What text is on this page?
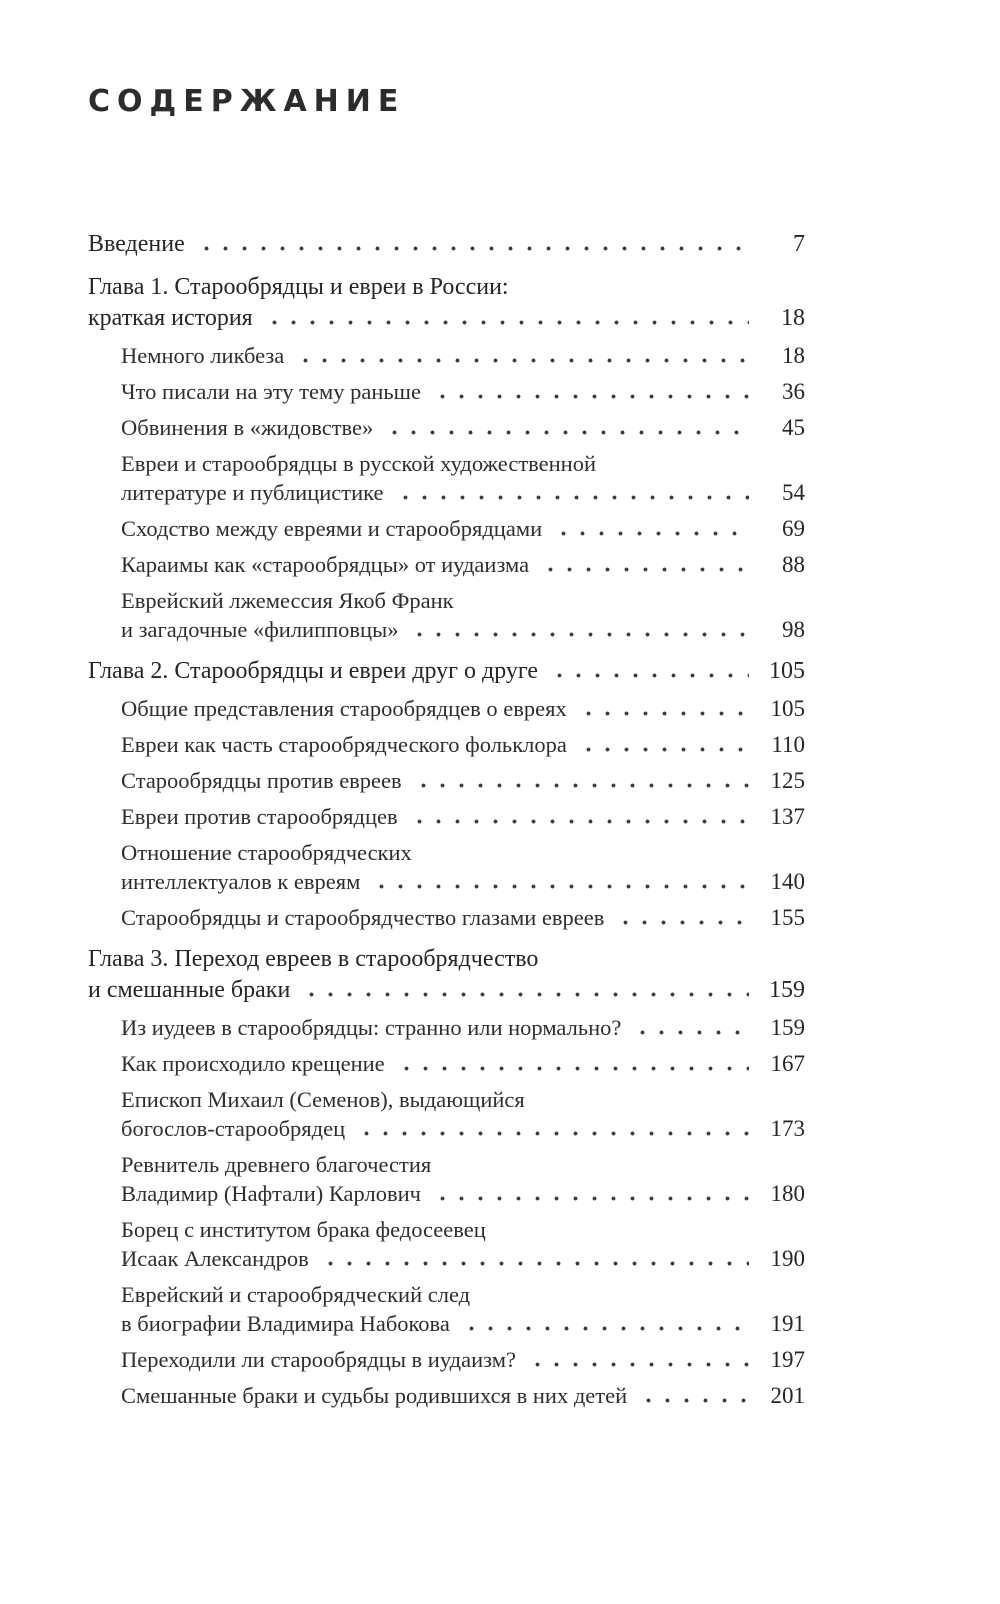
СОДЕРЖАНИЕ
Введение	7
Глава 1. Старообрядцы и евреи в России:
краткая история	18
Немного ликбеза	18
Что писали на эту тему раньше	36
Обвинения в «жидовстве»	45
Евреи и старообрядцы в русской художественной
литературе и публицистике	54
Сходство между евреями и старообрядцами	69
Караимы как «старообрядцы» от иудаизма	88
Еврейский лжемессия Якоб Франк
и загадочные «филипповцы»	98
Глава 2. Старообрядцы и евреи друг о друге	105
Общие представления старообрядцев о евреях	105
Евреи как часть старообрядческого фольклора	110
Старообрядцы против евреев	125
Евреи против старообрядцев	137
Отношение старообрядческих
интеллектуалов к евреям	140
Старообрядцы и старообрядчество глазами евреев	155
Глава 3. Переход евреев в старообрядчество
и смешанные браки	159
Из иудеев в старообрядцы: странно или нормально?	159
Как происходило крещение	167
Епископ Михаил (Семенов), выдающийся
богослов-старообрядец	173
Ревнитель древнего благочестия
Владимир (Нафтали) Карлович	180
Борец с институтом брака федосеевец
Исаак Александров	190
Еврейский и старообрядческий след
в биографии Владимира Набокова	191
Переходили ли старообрядцы в иудаизм?	197
Смешанные браки и судьбы родившихся в них детей	201
